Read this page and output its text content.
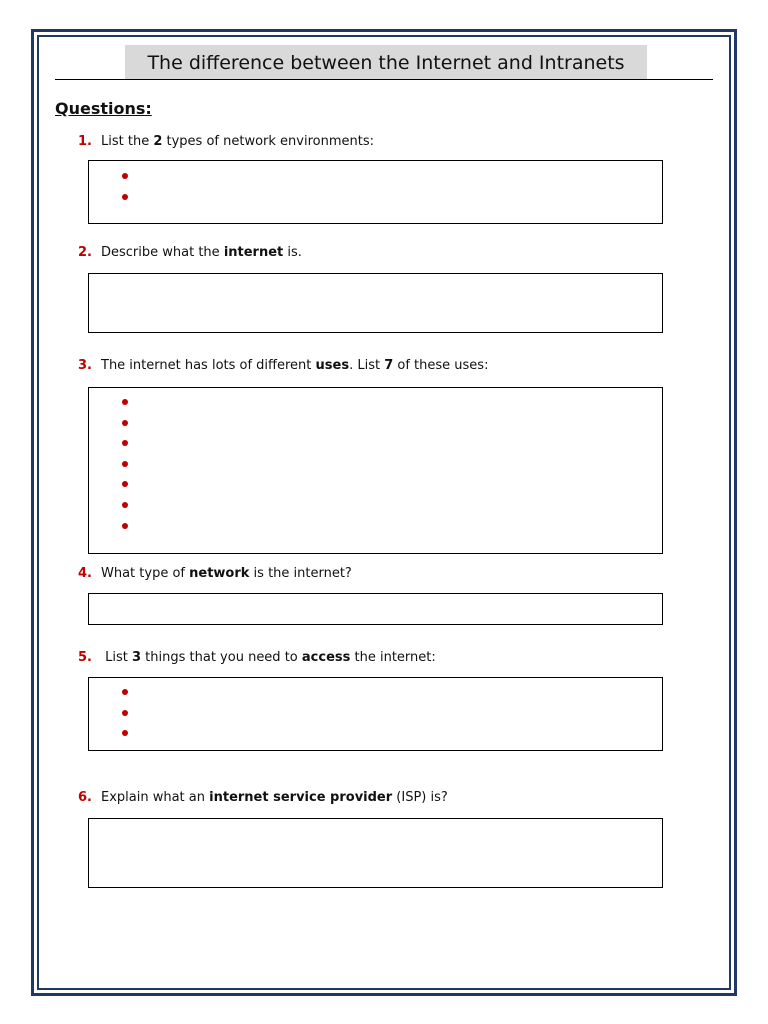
The difference between the Internet and Intranets
Questions:
1. List the 2 types of network environments:
2. Describe what the internet is.
3. The internet has lots of different uses. List 7 of these uses:
4. What type of network is the internet?
5. List 3 things that you need to access the internet:
6. Explain what an internet service provider (ISP) is?
